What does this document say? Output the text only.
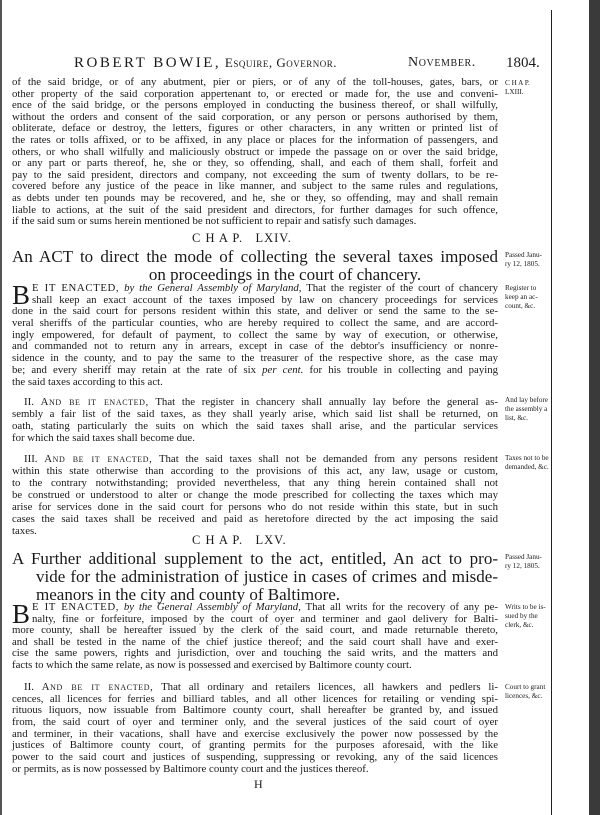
ROBERT BOWIE, Esquire, Governor.	November. 1804.
of the said bridge, or of any abutment, pier or piers, or of any of the toll-houses, gates, bars, or
other property of the said corporation appertenant to, or erected or made for, the use and conveni-
ence of the said bridge, or the persons employed in conducting the business thereof, or shall wilfully,
without the orders and consent of the said corporation, or any person or persons authorised by them,
obliterate, deface or destroy, the letters, figures or other characters, in any written or printed list of
the rates or tolls affixed, or to be affixed, in any place or places for the information of passengers, and
others, or who shall wilfully and maliciously obstruct or impede the passage on or over the said bridge,
or any part or parts thereof, he, she or they, so offending, shall, and each of them shall, forfeit and
pay to the said president, directors and company, not exceeding the sum of twenty dollars, to be re-
covered before any justice of the peace in like manner, and subject to the same rules and regulations,
as debts under ten pounds may be recovered, and he, she or they, so offending, may and shall remain
liable to actions, at the suit of the said president and directors, for further damages for such offence,
if the said sum or sums herein mentioned be not sufficient to repair and satisfy such damages.
C H A P.
LXIII.
C H A P.   LXIV.
An ACT to direct the mode of collecting the several taxes imposed
on proceedings in the court of chancery.
Passed Janu-
ry 12, 1805.
B E IT ENACTED, by the General Assembly of Maryland, That the register of the court of chancery
shall keep an exact account of the taxes imposed by law on chancery proceedings for services
done in the said court for persons resident within this state, and deliver or send the same to the se-
veral sheriffs of the particular counties, who are hereby required to collect the same, and are accord-
ingly empowered, for default of payment, to collect the same by way of execution, or otherwise,
and commanded not to return any in arrears, except in case of the debtor's insufficiency or nonre-
sidence in the county, and to pay the same to the treasurer of the respective shore, as the case may
be; and every sheriff may retain at the rate of six per cent. for his trouble in collecting and paying
the said taxes according to this act.
Register to
keep an ac-
count, &c.
II. And be it enacted, That the register in chancery shall annually lay before the general as-
sembly a fair list of the said taxes, as they shall yearly arise, which said list shall be returned, on
oath, stating particularly the suits on which the said taxes shall arise, and the particular services
for which the said taxes shall become due.
And lay before
the assembly a
list, &c.
III. And be it enacted, That the said taxes shall not be demanded from any persons resident
within this state otherwise than according to the provisions of this act, any law, usage or custom,
to the contrary notwithstanding; provided nevertheless, that any thing herein contained shall not
be construed or understood to alter or change the mode prescribed for collecting the taxes which may
arise for services done in the said court for persons who do not reside within this state, but in such
cases the said taxes shall be received and paid as heretofore directed by the act imposing the said
taxes.
Taxes not to be
demanded, &c.
C H A P.   LXV.
A Further additional supplement to the act, entitled, An act to pro-
vide for the administration of justice in cases of crimes and misde-
meanors in the city and county of Baltimore.
Passed Janu-
ry 12, 1805.
B E IT ENACTED, by the General Assembly of Maryland, That all writs for the recovery of any pe-
nalty, fine or forfeiture, imposed by the court of oyer and terminer and gaol delivery for Balti-
more county, shall be hereafter issued by the clerk of the said court, and made returnable thereto,
and shall be tested in the name of the chief justice thereof; and the said court shall have and exer-
cise the same powers, rights and jurisdiction, over and touching the said writs, and the matters and
facts to which the same relate, as now is possessed and exercised by Baltimore county court.
Writs to be is-
sued by the
clerk, &c.
II. And be it enacted, That all ordinary and retailers licences, all hawkers and pedlers li-
cences, all licences for ferries and billiard tables, and all other licences for retailing or vending spi-
rituous liquors, now issuable from Baltimore county court, shall hereafter be granted by, and issued
from, the said court of oyer and terminer only, and the several justices of the said court of oyer
and terminer, in their vacations, shall have and exercise exclusively the power now possessed by the
justices of Baltimore county court, of granting permits for the purposes aforesaid, with the like
power to the said court and justices of suspending, suppressing or revoking, any of the said licences
or permits, as is now possessed by Baltimore county court and the justices thereof.
Court to grant
licences, &c.
H
